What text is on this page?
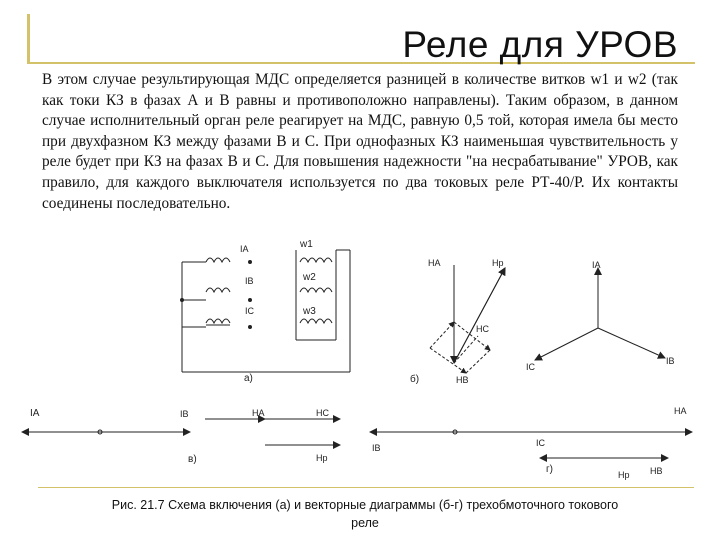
Реле для УРОВ
В этом случае результирующая МДС определяется разницей в количестве витков w1 и w2 (так как токи КЗ в фазах А и В равны и противоположно направлены). Таким образом, в данном случае исполнительный орган реле реагирует на МДС, равную 0,5 той, которая имела бы место при двухфазном КЗ между фазами В и С. При однофазных КЗ наименьшая чувствительность у реле будет при КЗ на фазах В и С. Для повышения надежности "на несрабатывание" УРОВ, как правило, для каждого выключателя используется по два токовых реле РТ-40/Р. Их контакты соединены последовательно.
IA
IB
IC
w1
w2
w3
а)
HA	Hр
HC
HB
б)
IA
IB
IC
IA	IB	HA	HC
Hр
в)
HA
IB	IC
Hр HB
г)
Рис. 21.7 Схема включения (а) и векторные диаграммы (б-г) трехобмоточного токового реле
